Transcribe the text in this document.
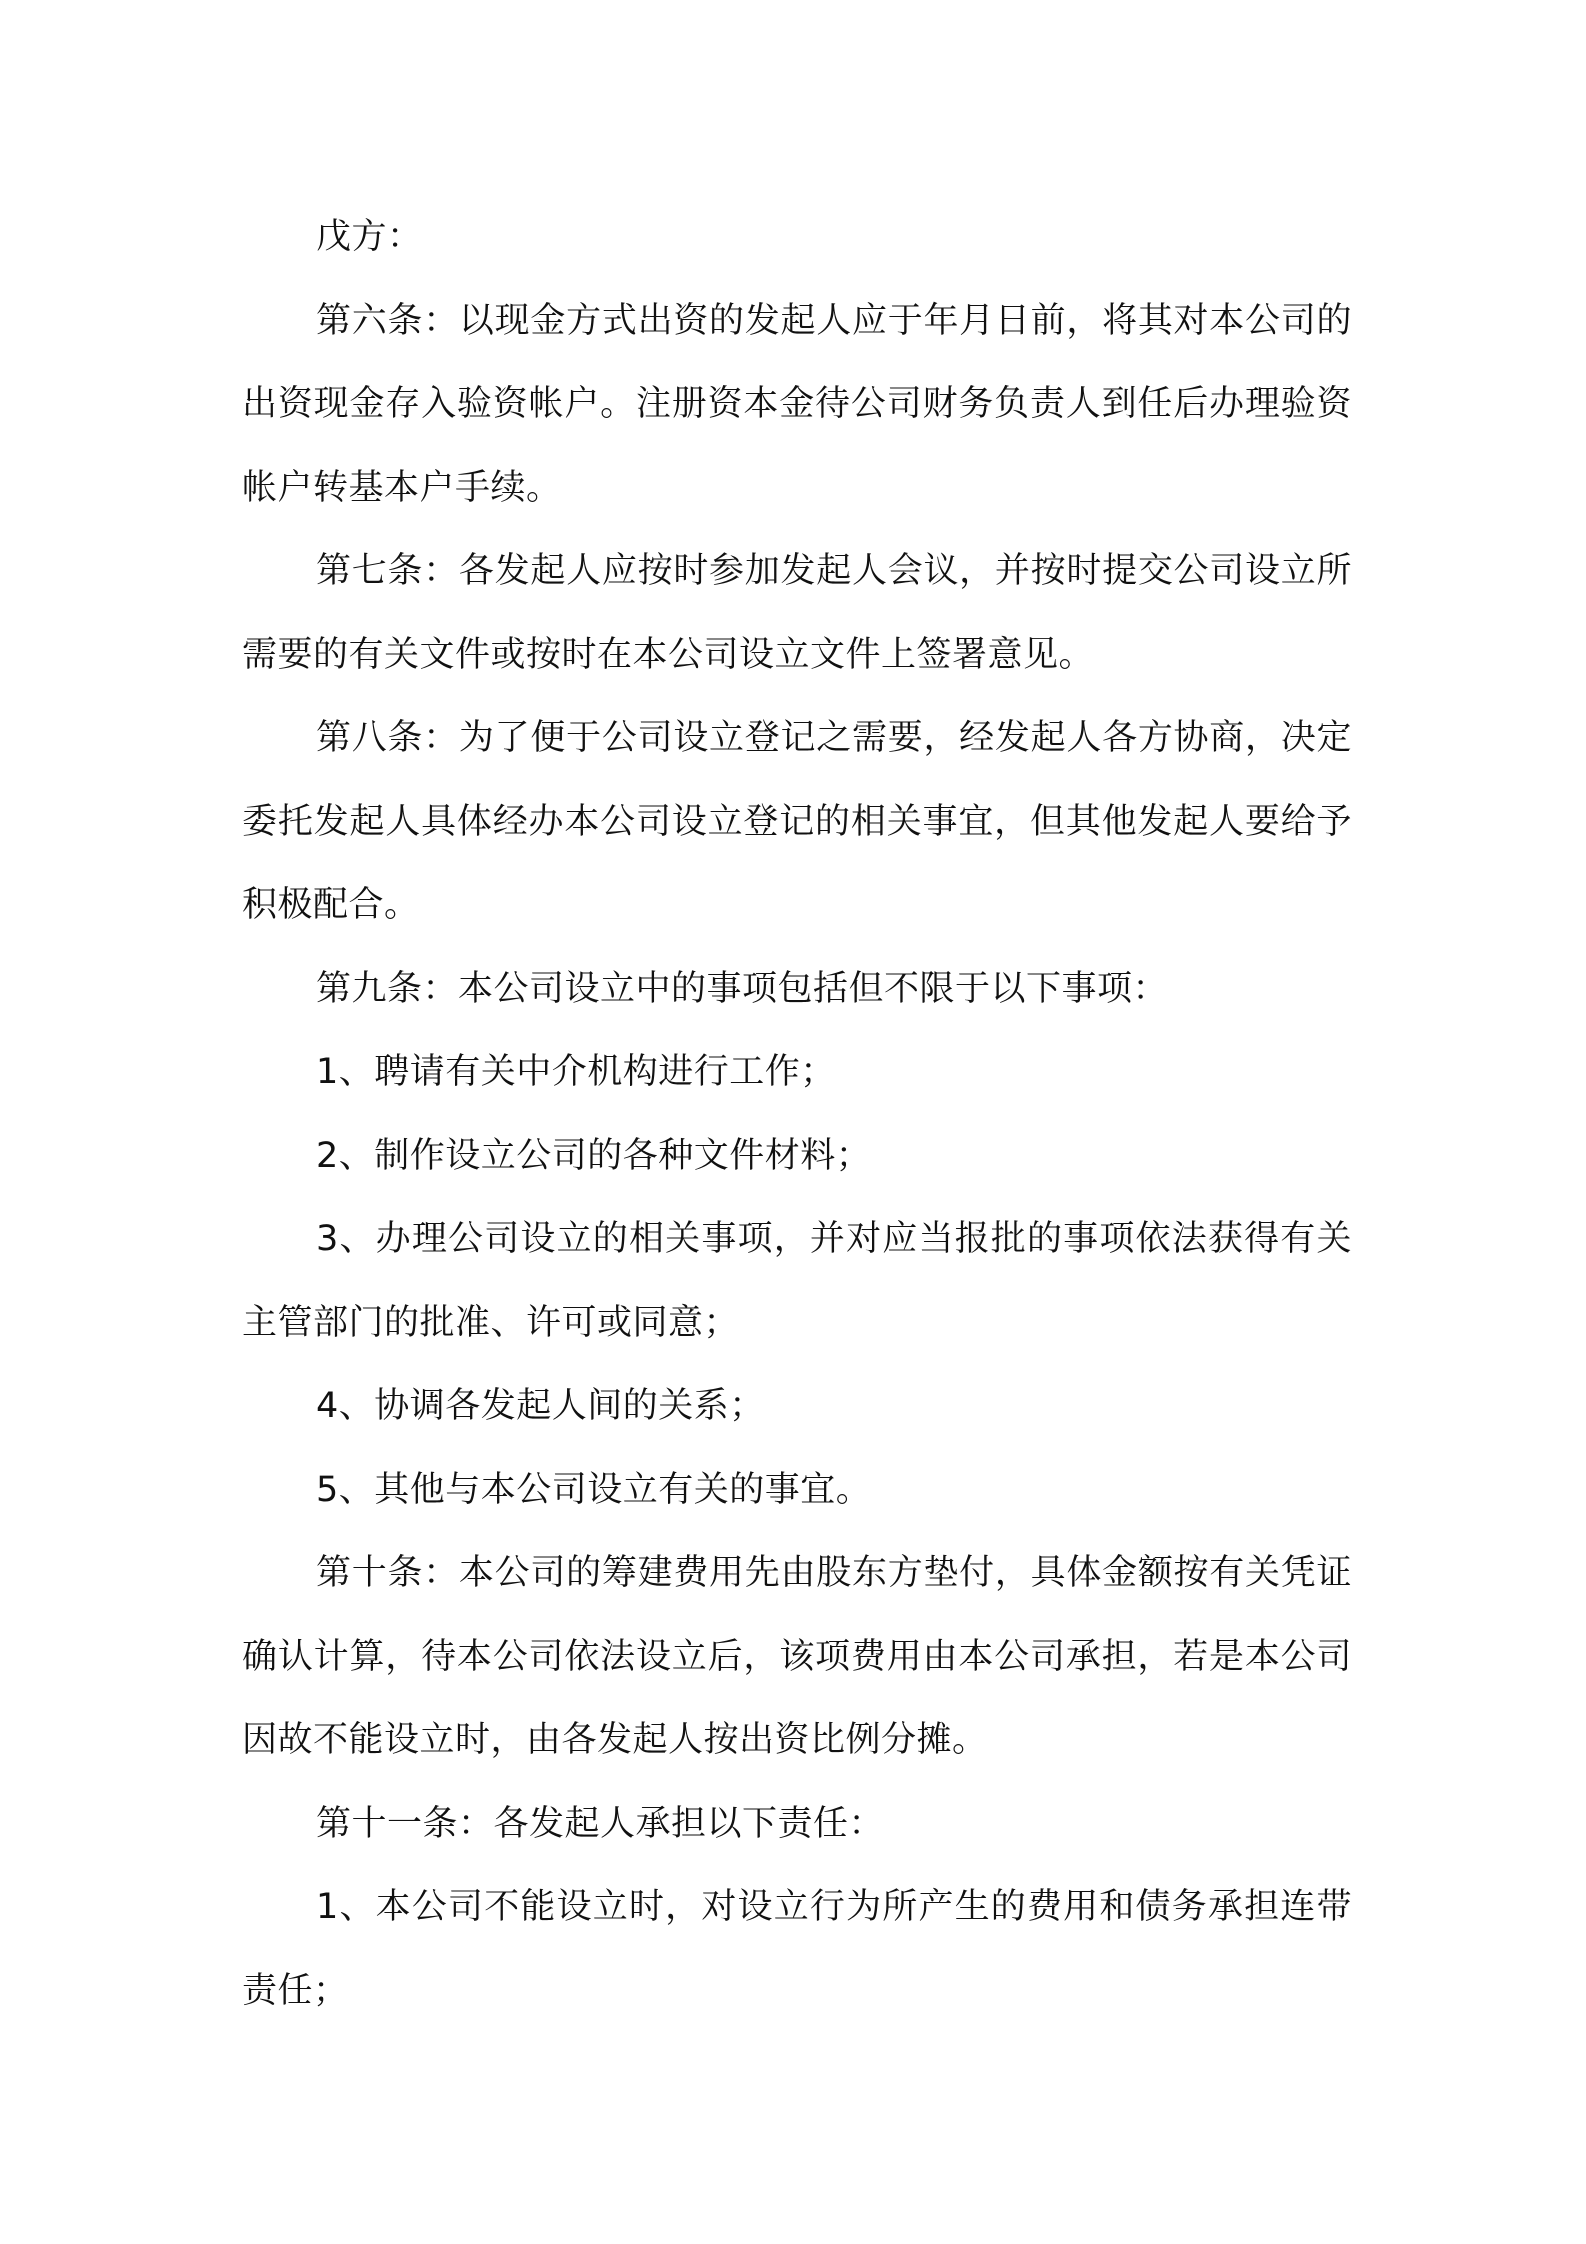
戊方：

第六条：以现金方式出资的发起人应于年月日前，将其对本公司的出资现金存入验资帐户。注册资本金待公司财务负责人到任后办理验资帐户转基本户手续。

第七条：各发起人应按时参加发起人会议，并按时提交公司设立所需要的有关文件或按时在本公司设立文件上签署意见。

第八条：为了便于公司设立登记之需要，经发起人各方协商，决定委托发起人具体经办本公司设立登记的相关事宜，但其他发起人要给予积极配合。

第九条：本公司设立中的事项包括但不限于以下事项：

1、聘请有关中介机构进行工作；

2、制作设立公司的各种文件材料；

3、办理公司设立的相关事项，并对应当报批的事项依法获得有关主管部门的批准、许可或同意；

4、协调各发起人间的关系；

5、其他与本公司设立有关的事宜。

第十条：本公司的筹建费用先由股东方垫付，具体金额按有关凭证确认计算，待本公司依法设立后，该项费用由本公司承担，若是本公司因故不能设立时，由各发起人按出资比例分摊。

第十一条：各发起人承担以下责任：

1、本公司不能设立时，对设立行为所产生的费用和债务承担连带责任；
